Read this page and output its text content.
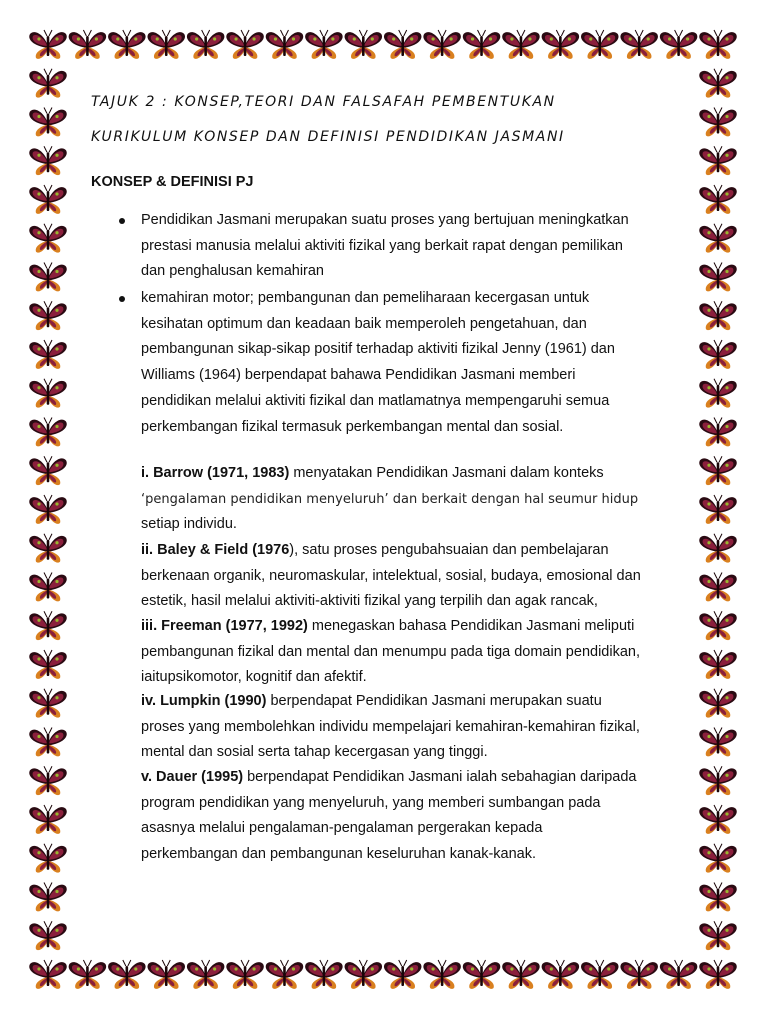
TAJUK 2 : KONSEP,TEORI DAN FALSAFAH PEMBENTUKAN
KURIKULUM KONSEP DAN DEFINISI PENDIDIKAN JASMANI
KONSEP & DEFINISI PJ
Pendidikan Jasmani merupakan suatu proses yang bertujuan meningkatkan
prestasi manusia melalui aktiviti fizikal yang berkait rapat dengan pemilikan
dan penghalusan kemahiran
kemahiran motor; pembangunan dan pemeliharaan kecergasan untuk
kesihatan optimum dan keadaan baik memperoleh pengetahuan, dan
pembangunan sikap-sikap positif terhadap aktiviti fizikal Jenny (1961) dan
Williams (1964) berpendapat bahawa Pendidikan Jasmani memberi
pendidikan melalui aktiviti fizikal dan matlamatnya mempengaruhi semua
perkembangan fizikal termasuk perkembangan mental dan sosial.
i. Barrow (1971, 1983) menyatakan Pendidikan Jasmani dalam konteks
‘pengalaman pendidikan menyeluruh’ dan berkait dengan hal seumur hidup
setiap individu.
ii. Baley & Field (1976), satu proses pengubahsuaian dan pembelajaran
berkenaan organik, neuromaskular, intelektual, sosial, budaya, emosional dan
estetik, hasil melalui aktiviti-aktiviti fizikal yang terpilih dan agak rancak,
iii. Freeman (1977, 1992) menegaskan bahasa Pendidikan Jasmani meliputi
pembangunan fizikal dan mental dan menumpu pada tiga domain pendidikan,
iaitupsikomotor, kognitif dan afektif.
iv. Lumpkin (1990) berpendapat Pendidikan Jasmani merupakan suatu
proses yang membolehkan individu mempelajari kemahiran-kemahiran fizikal,
mental dan sosial serta tahap kecergasan yang tinggi.
v. Dauer (1995) berpendapat Pendidikan Jasmani ialah sebahagian daripada
program pendidikan yang menyeluruh, yang memberi sumbangan pada
asasnya melalui pengalaman-pengalaman pergerakan kepada
perkembangan dan pembangunan keseluruhan kanak-kanak.
